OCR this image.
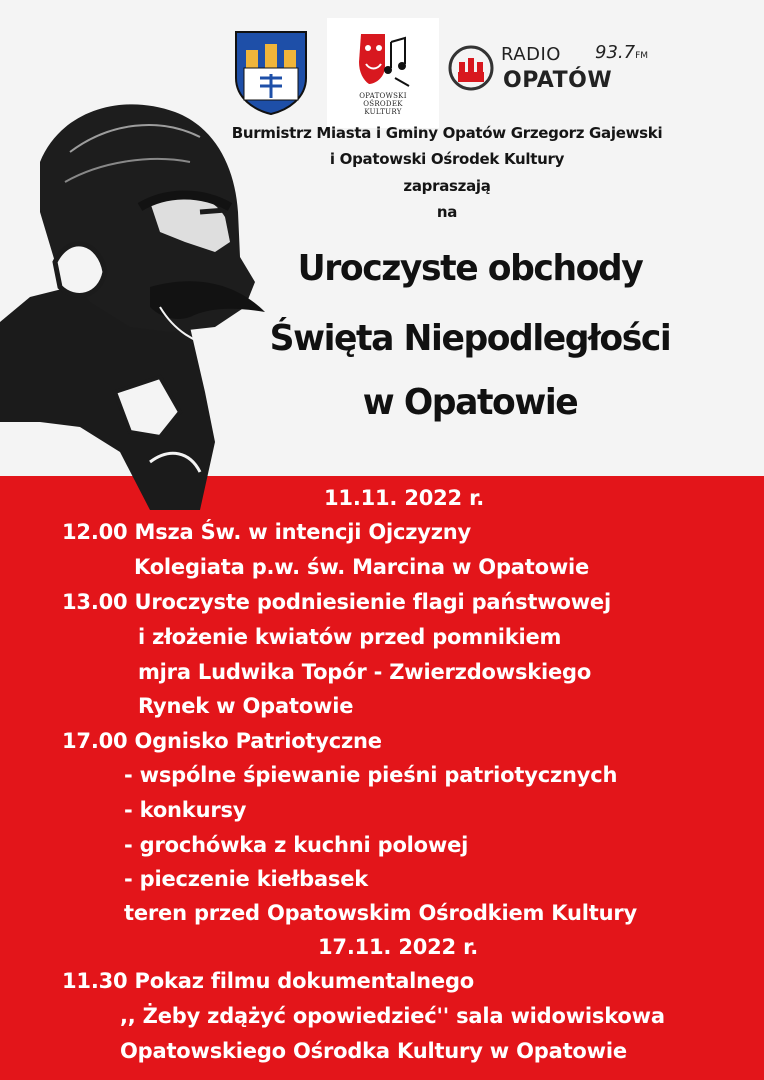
OPATOWSKI
OŚRODEK
KULTURY
RADIO 93.7FM
OPATÓW
Burmistrz Miasta i Gminy Opatów Grzegorz Gajewski
i Opatowski Ośrodek Kultury
zapraszają
na
Uroczyste obchody
Święta Niepodległości
w Opatowie
11.11. 2022 r.
12.00 Msza Św. w intencji Ojczyzny
Kolegiata p.w. św. Marcina w Opatowie
13.00 Uroczyste podniesienie flagi państwowej
i złożenie kwiatów przed pomnikiem
mjra Ludwika Topór - Zwierzdowskiego
Rynek w Opatowie
17.00 Ognisko Patriotyczne
- wspólne śpiewanie pieśni patriotycznych
- konkursy
- grochówka z kuchni polowej
- pieczenie kiełbasek
teren przed Opatowskim Ośrodkiem Kultury
17.11. 2022 r.
11.30 Pokaz filmu dokumentalnego
,, Żeby zdążyć opowiedzieć'' sala widowiskowa
Opatowskiego Ośrodka Kultury w Opatowie
